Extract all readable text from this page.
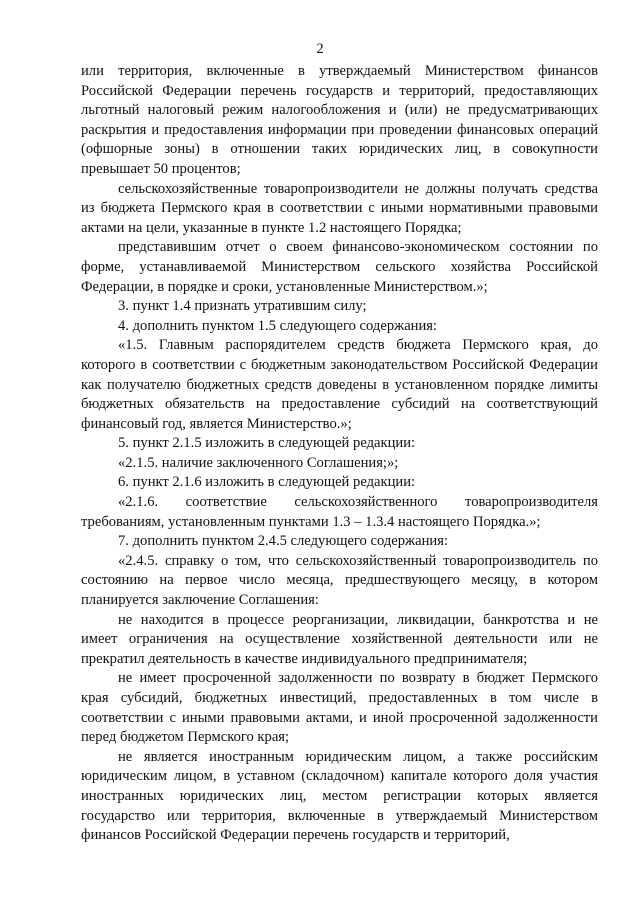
2

или территория, включенные в утверждаемый Министерством финансов Российской Федерации перечень государств и территорий, предоставляющих льготный налоговый режим налогообложения и (или) не предусматривающих раскрытия и предоставления информации при проведении финансовых операций (офшорные зоны) в отношении таких юридических лиц, в совокупности превышает 50 процентов;

сельскохозяйственные товаропроизводители не должны получать средства из бюджета Пермского края в соответствии с иными нормативными правовыми актами на цели, указанные в пункте 1.2 настоящего Порядка;

представившим отчет о своем финансово-экономическом состоянии по форме, устанавливаемой Министерством сельского хозяйства Российской Федерации, в порядке и сроки, установленные Министерством.»;

3. пункт 1.4 признать утратившим силу;

4. дополнить пунктом 1.5 следующего содержания:

«1.5. Главным распорядителем средств бюджета Пермского края, до которого в соответствии с бюджетным законодательством Российской Федерации как получателю бюджетных средств доведены в установленном порядке лимиты бюджетных обязательств на предоставление субсидий на соответствующий финансовый год, является Министерство.»;

5. пункт 2.1.5 изложить в следующей редакции:

«2.1.5. наличие заключенного Соглашения;»;

6. пункт 2.1.6 изложить в следующей редакции:

«2.1.6. соответствие сельскохозяйственного товаропроизводителя требованиям, установленным пунктами 1.3 – 1.3.4 настоящего Порядка.»;

7. дополнить пунктом 2.4.5 следующего содержания:

«2.4.5. справку о том, что сельскохозяйственный товаропроизводитель по состоянию на первое число месяца, предшествующего месяцу, в котором планируется заключение Соглашения:

не находится в процессе реорганизации, ликвидации, банкротства и не имеет ограничения на осуществление хозяйственной деятельности или не прекратил деятельность в качестве индивидуального предпринимателя;

не имеет просроченной задолженности по возврату в бюджет Пермского края субсидий, бюджетных инвестиций, предоставленных в том числе в соответствии с иными правовыми актами, и иной просроченной задолженности перед бюджетом Пермского края;

не является иностранным юридическим лицом, а также российским юридическим лицом, в уставном (складочном) капитале которого доля участия иностранных юридических лиц, местом регистрации которых является государство или территория, включенные в утверждаемый Министерством финансов Российской Федерации перечень государств и территорий,
